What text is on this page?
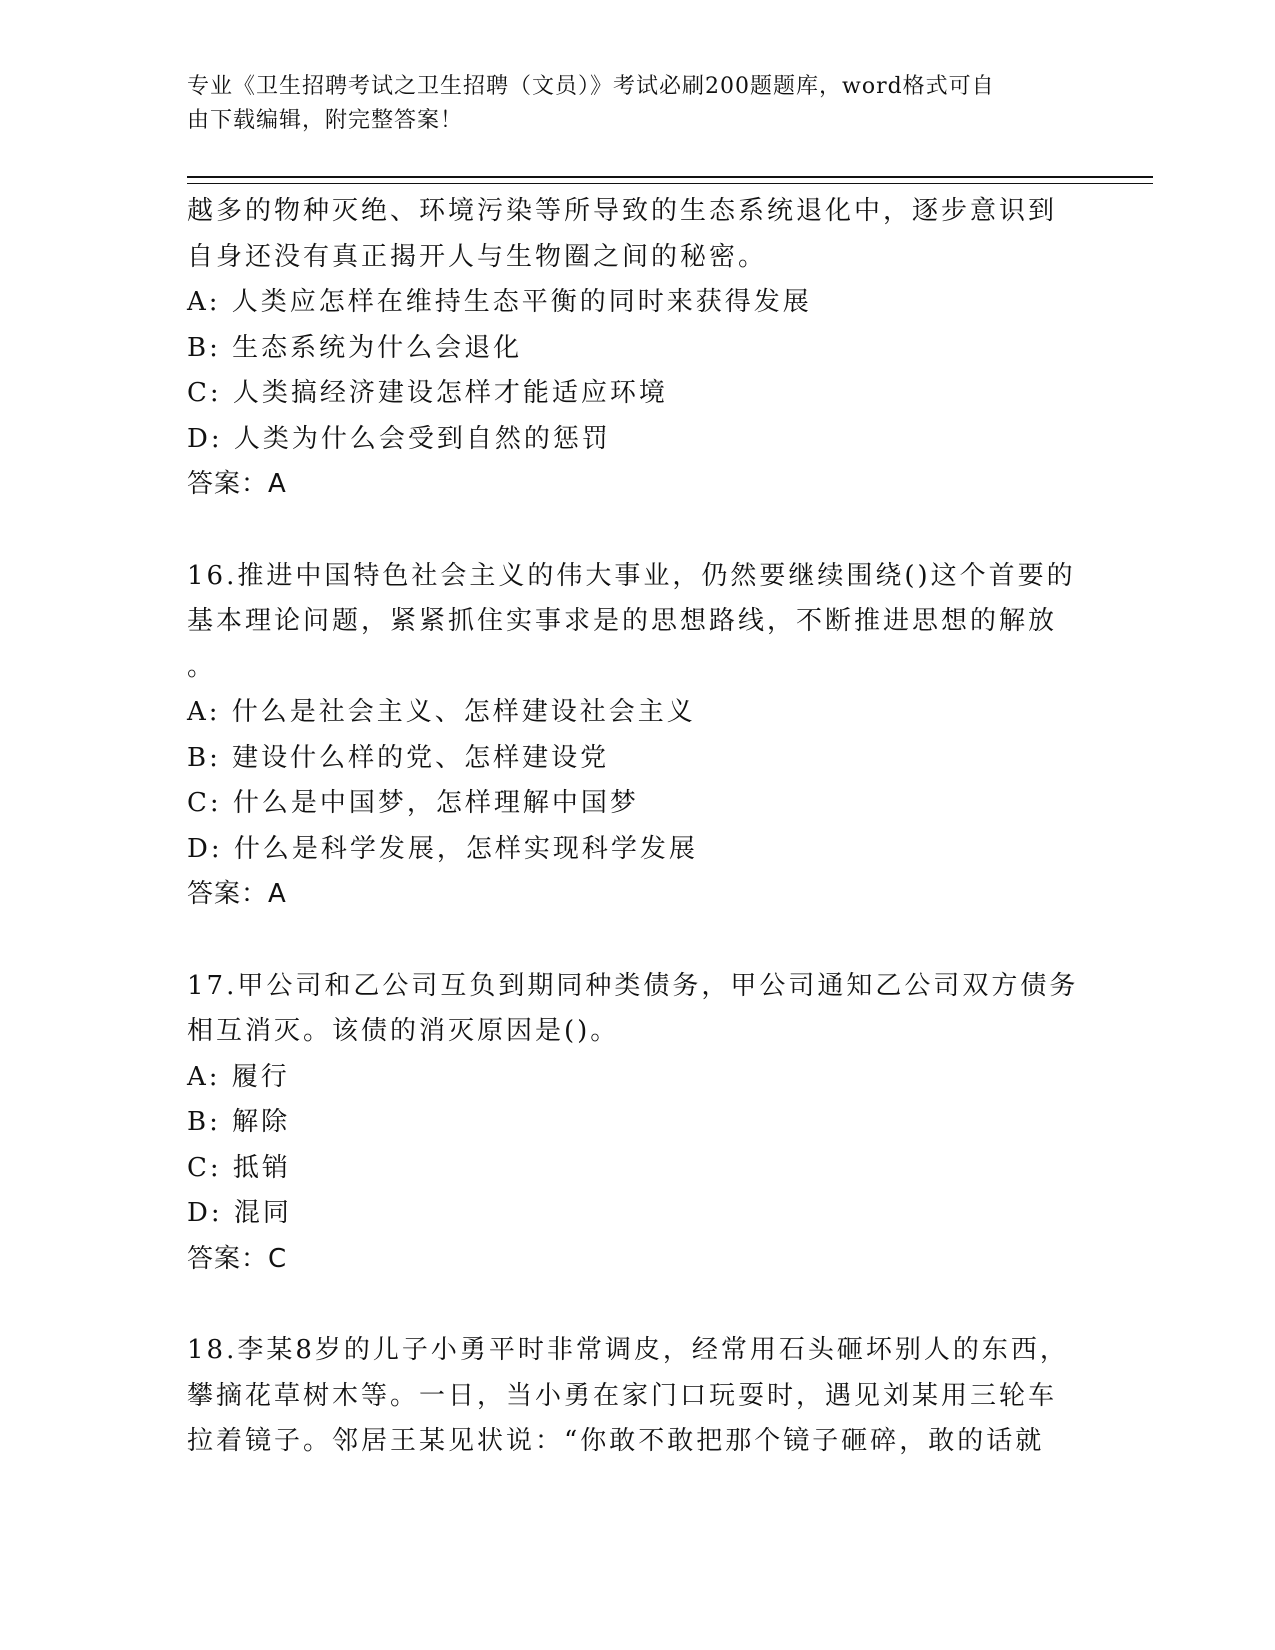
专业《卫生招聘考试之卫生招聘（文员）》考试必刷200题题库，word格式可自
由下载编辑，附完整答案！
越多的物种灭绝、环境污染等所导致的生态系统退化中，逐步意识到
自身还没有真正揭开人与生物圈之间的秘密。
A: 人类应怎样在维持生态平衡的同时来获得发展
B: 生态系统为什么会退化
C: 人类搞经济建设怎样才能适应环境
D: 人类为什么会受到自然的惩罚
答案：A
16.推进中国特色社会主义的伟大事业，仍然要继续围绕()这个首要的
基本理论问题，紧紧抓住实事求是的思想路线，不断推进思想的解放
。
A: 什么是社会主义、怎样建设社会主义
B: 建设什么样的党、怎样建设党
C: 什么是中国梦，怎样理解中国梦
D: 什么是科学发展，怎样实现科学发展
答案：A
17.甲公司和乙公司互负到期同种类债务，甲公司通知乙公司双方债务
相互消灭。该债的消灭原因是()。
A: 履行
B: 解除
C: 抵销
D: 混同
答案：C
18.李某8岁的儿子小勇平时非常调皮，经常用石头砸坏别人的东西，
攀摘花草树木等。一日，当小勇在家门口玩耍时，遇见刘某用三轮车
拉着镜子。邻居王某见状说：“你敢不敢把那个镜子砸碎，敢的话就
